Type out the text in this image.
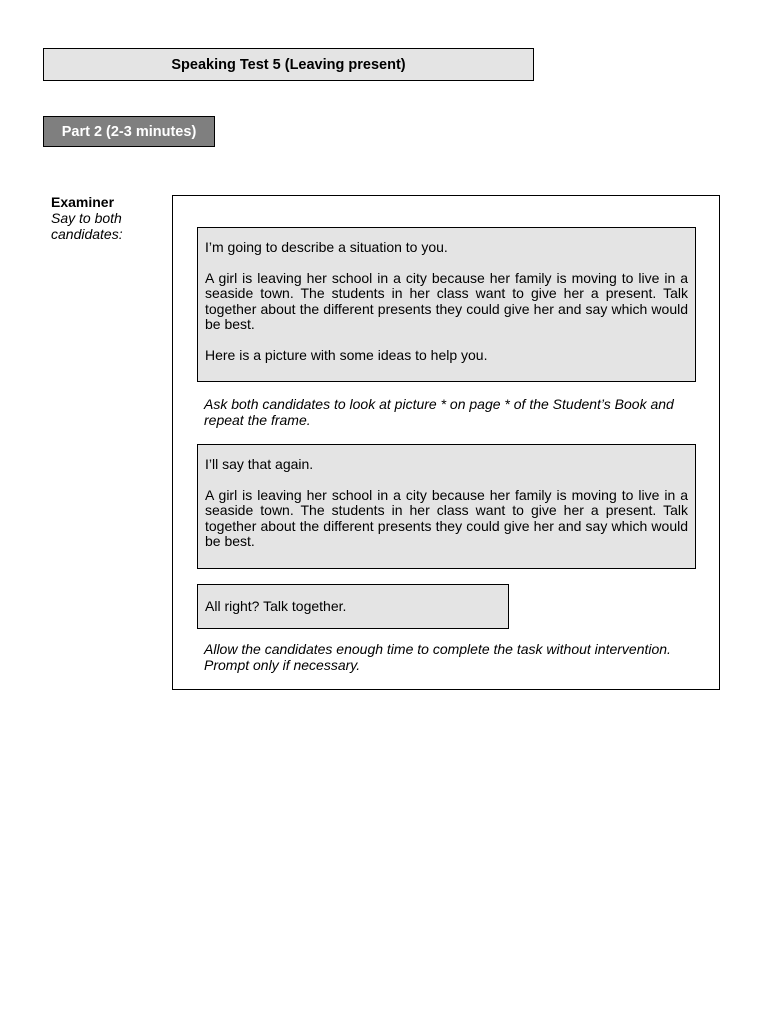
Speaking Test 5 (Leaving present)
Part 2 (2-3 minutes)
Examiner
Say to both candidates:

I’m going to describe a situation to you.

A girl is leaving her school in a city because her family is moving to live in a seaside town. The students in her class want to give her a present. Talk together about the different presents they could give her and say which would be best.

Here is a picture with some ideas to help you.

Ask both candidates to look at picture * on page * of the Student’s Book and repeat the frame.

I’ll say that again.

A girl is leaving her school in a city because her family is moving to live in a seaside town. The students in her class want to give her a present. Talk together about the different presents they could give her and say which would be best.

All right? Talk together.
Allow the candidates enough time to complete the task without intervention. Prompt only if necessary.
